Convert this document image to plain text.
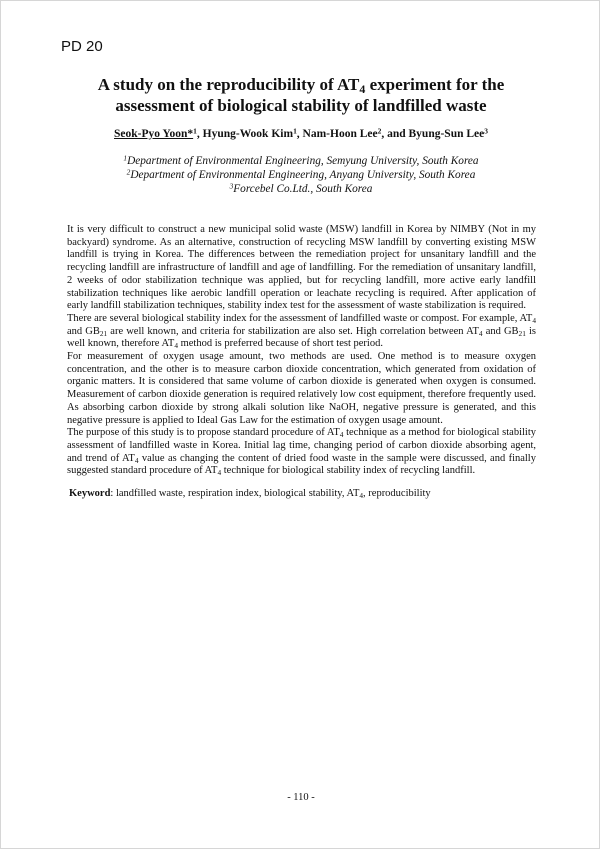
PD 20
A study on the reproducibility of $AT_4$ experiment for the
assessment of biological stability of landfilled waste
Seok-Pyo Yoon*$^1$, Hyung-Wook Kim$^1$, Nam-Hoon Lee$^2$, and Byung-Sun Lee$^3$
$^1$Department of Environmental Engineering, Semyung University, South Korea
$^2$Department of Environmental Engineering, Anyang University, South Korea
$^3$Forcebel Co.Ltd., South Korea

It is very difficult to construct a new municipal solid waste (MSW) landfill in Korea by NIMBY (Not in my backyard) syndrome. As an alternative, construction of recycling MSW landfill by converting existing MSW landfill is trying in Korea. The differences between the remediation project for unsanitary landfill and the recycling landfill are infrastructure of landfill and age of landfilling. For the remediation of unsanitary landfill, 2 weeks of odor stabilization technique was applied, but for recycling landfill, more active early landfill stabilization techniques like aerobic landfill operation or leachate recycling is required. After application of early landfill stabilization techniques, stability index test for the assessment of waste stabilization is required.

There are several biological stability index for the assessment of landfilled waste or compost. For example, $AT_4$ and $GB_{21}$ are well known, and criteria for stabilization are also set. High correlation between $AT_4$ and $GB_{21}$ is well known, therefore $AT_4$ method is preferred because of short test period.

For measurement of oxygen usage amount, two methods are used. One method is to measure oxygen concentration, and the other is to measure carbon dioxide concentration, which generated from oxidation of organic matters. It is considered that same volume of carbon dioxide is generated when oxygen is consumed. Measurement of carbon dioxide generation is required relatively low cost equipment, therefore frequently used. As absorbing carbon dioxide by strong alkali solution like NaOH, negative pressure is generated, and this negative pressure is applied to Ideal Gas Law for the estimation of oxygen usage amount.

The purpose of this study is to propose standard procedure of $AT_4$ technique as a method for biological stability assessment of landfilled waste in Korea. Initial lag time, changing period of carbon dioxide absorbing agent, and trend of $AT_4$ value as changing the content of dried food waste in the sample were discussed, and finally suggested standard procedure of $AT_4$ technique for biological stability index of recycling landfill.

Keyword: landfilled waste, respiration index, biological stability, $AT_4$, reproducibility

- 110 -
